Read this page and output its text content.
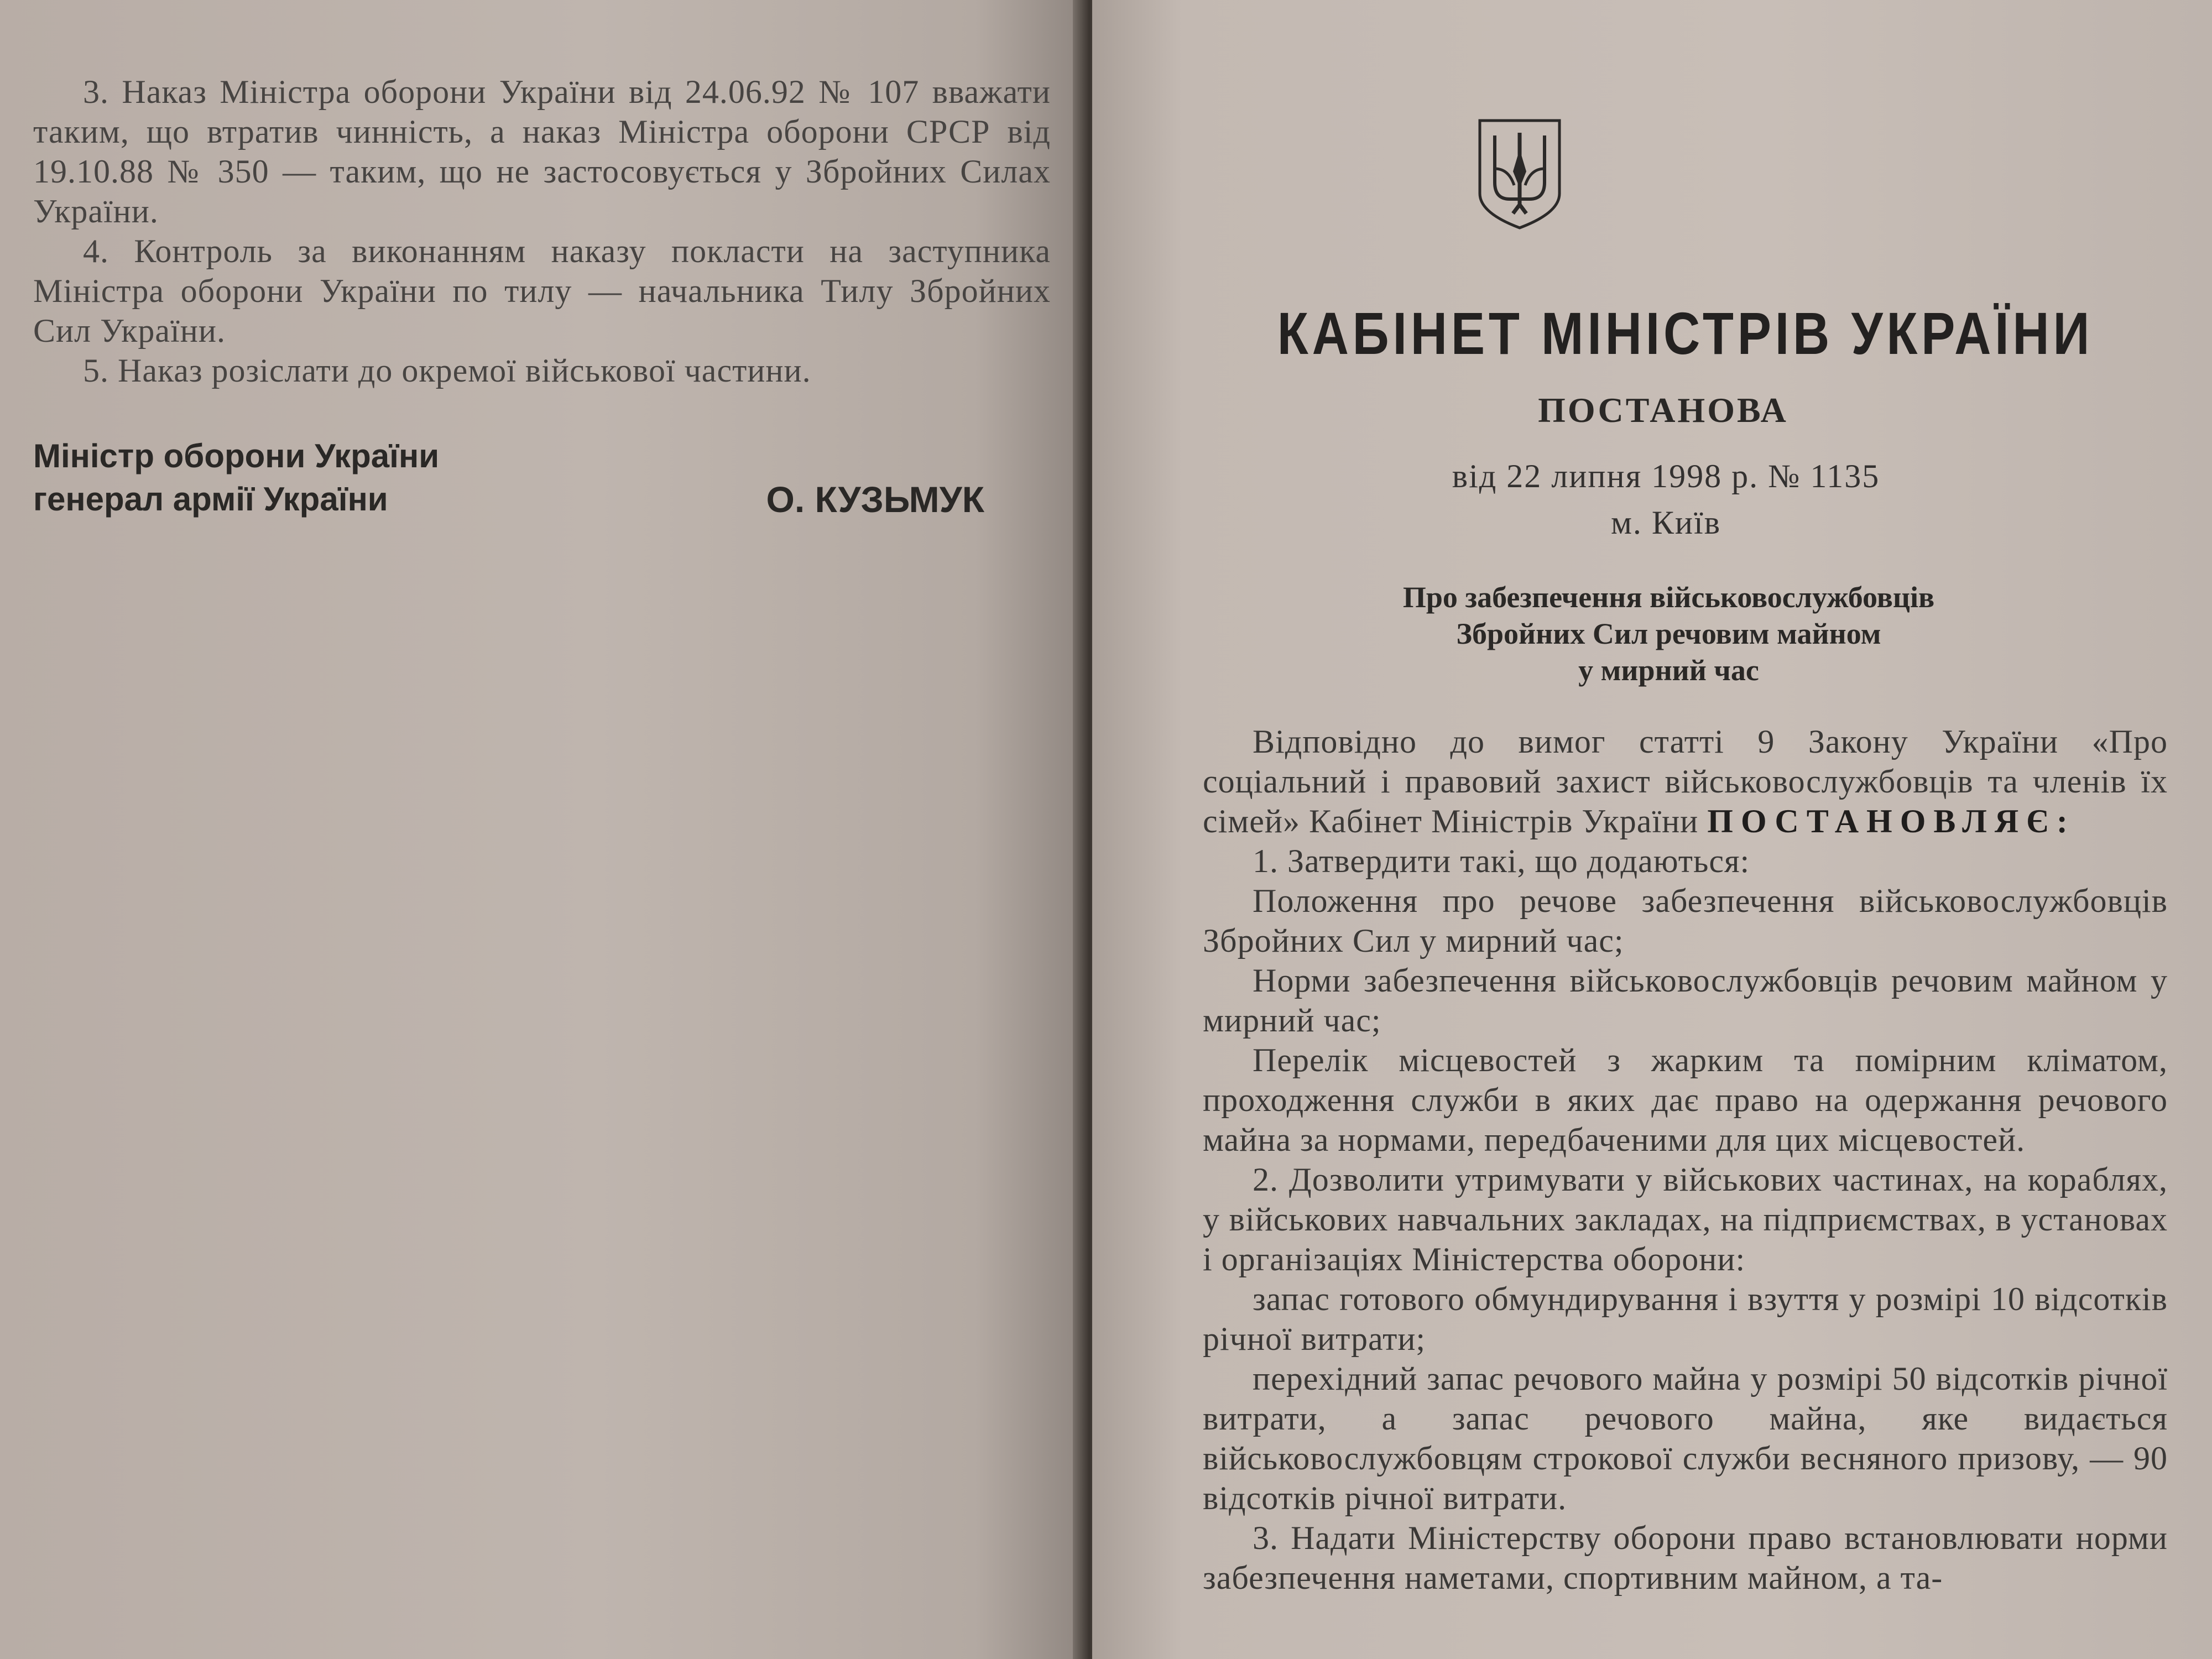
3. Наказ Міністра оборони України від 24.06.92 № 107 вважати таким, що втратив чинність, а наказ Міністра оборони СРСР від 19.10.88 № 350 — таким, що не застосовується у Збройних Силах України.

4. Контроль за виконанням наказу покласти на заступника Міністра оборони України по тилу — начальника Тилу Збройних Сил України.

5. Наказ розіслати до окремої військової частини.

Міністр оборони України
генерал армії України	О. КУЗЬМУК
КАБІНЕТ МІНІСТРІВ УКРАЇНИ
ПОСТАНОВА
від 22 липня 1998 р. № 1135
м. Київ
Про забезпечення військовослужбовців
Збройних Сил речовим майном
у мирний час

Відповідно до вимог статті 9 Закону України «Про соціальний і правовий захист військовослужбовців та членів їх сімей» Кабінет Міністрів України ПОСТАНОВЛЯЄ:

1. Затвердити такі, що додаються:

Положення про речове забезпечення військовослужбовців Збройних Сил у мирний час;

Норми забезпечення військовослужбовців речовим майном у мирний час;

Перелік місцевостей з жарким та помірним кліматом, проходження служби в яких дає право на одержання речового майна за нормами, передбаченими для цих місцевостей.

2. Дозволити утримувати у військових частинах, на кораблях, у військових навчальних закладах, на підприємствах, в установах і організаціях Міністерства оборони:

запас готового обмундирування і взуття у розмірі 10 відсотків річної витрати;

перехідний запас речового майна у розмірі 50 відсотків річної витрати, а запас речового майна, яке видається військовослужбовцям строкової служби весняного призову, — 90 відсотків річної витрати.

3. Надати Міністерству оборони право встановлювати норми забезпечення наметами, спортивним майном, а та-
